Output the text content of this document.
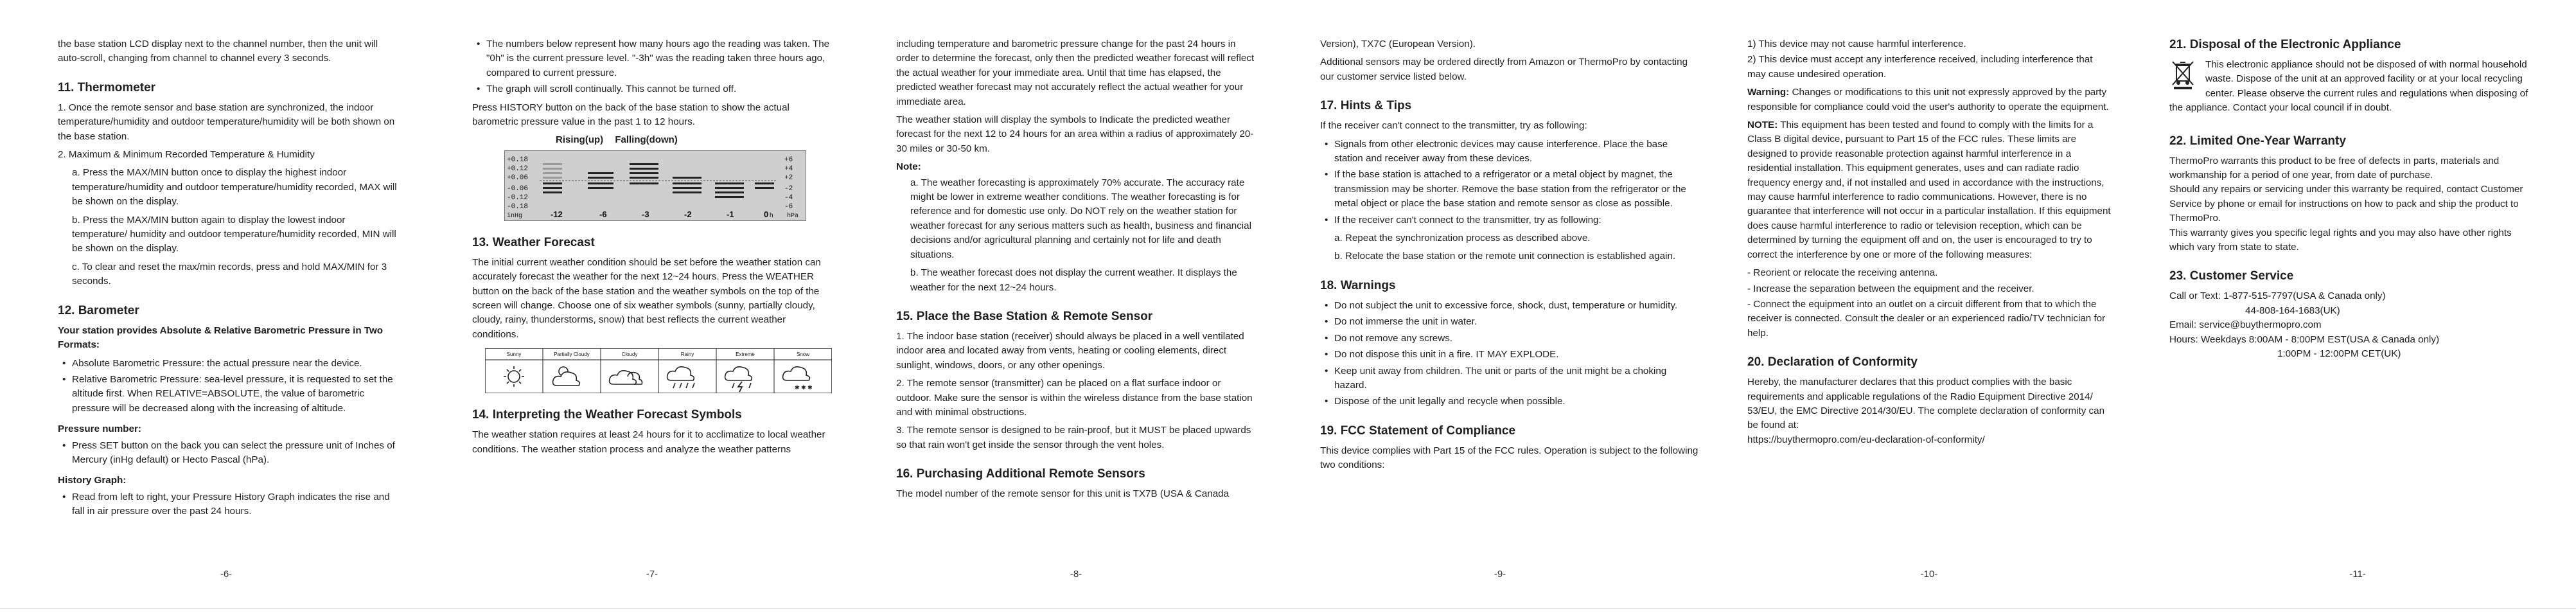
the base station LCD display next to the channel number, then the unit will auto-scroll, changing from channel to channel every 3 seconds.

11. Thermometer

1. Once the remote sensor and base station are synchronized, the indoor temperature/humidity and outdoor temperature/humidity will be both shown on the base station.

2. Maximum & Minimum Recorded Temperature & Humidity

a. Press the MAX/MIN button once to display the highest indoor temperature/humidity and outdoor temperature/humidity recorded, MAX will be shown on the display.

b. Press the MAX/MIN button again to display the lowest indoor temperature/ humidity and outdoor temperature/humidity recorded, MIN will be shown on the display.

c. To clear and reset the max/min records, press and hold MAX/MIN for 3 seconds.

12. Barometer

Your station provides Absolute & Relative Barometric Pressure in Two Formats:

• Absolute Barometric Pressure: the actual pressure near the device.
• Relative Barometric Pressure: sea-level pressure, it is requested to set the altitude first. When RELATIVE=ABSOLUTE, the value of barometric pressure will be decreased along with the increasing of altitude.

Pressure number:

• Press SET button on the back you can select the pressure unit of Inches of Mercury (inHg default) or Hecto Pascal (hPa).

History Graph:

• Read from left to right, your Pressure History Graph indicates the rise and fall in air pressure over the past 24 hours.
-6-
• The numbers below represent how many hours ago the reading was taken. The "0h" is the current pressure level. "-3h" was the reading taken three hours ago, compared to current pressure.
• The graph will scroll continually. This cannot be turned off.

Press HISTORY button on the back of the base station to show the actual barometric pressure value in the past 1 to 12 hours.

Rising(up) Falling(down)
+0.18
+0.12
+0.06
-0.06
-0.12
-0.18
+6
+4
+2
-2
-4
-6
inHg	hPa
-12	-6	-3	-2	-1	0 h
13. Weather Forecast

The initial current weather condition should be set before the weather station can accurately forecast the weather for the next 12~24 hours. Press the WEATHER button on the back of the base station and the weather symbols on the top of the screen will change. Choose one of six weather symbols (sunny, partially cloudy, cloudy, rainy, thunderstorms, snow) that best reflects the current weather conditions.

Sunny	Partially Cloudy	Cloudy	Rainy	Extreme	Snow
✱ ✱ ✱
14. Interpreting the Weather Forecast Symbols

The weather station requires at least 24 hours for it to acclimatize to local weather conditions. The weather station process and analyze the weather patterns

-7-

including temperature and barometric pressure change for the past 24 hours in order to determine the forecast, only then the predicted weather forecast will reflect the actual weather for your immediate area. Until that time has elapsed, the predicted weather forecast may not accurately reflect the actual weather for your immediate area.

The weather station will display the symbols to Indicate the predicted weather forecast for the next 12 to 24 hours for an area within a radius of approximately 20-30 miles or 30-50 km.

Note:

a. The weather forecasting is approximately 70% accurate. The accuracy rate might be lower in extreme weather conditions. The weather forecasting is for reference and for domestic use only. Do NOT rely on the weather station for weather forecast for any serious matters such as health, business and financial decisions and/or agricultural planning and certainly not for life and death situations.

b. The weather forecast does not display the current weather. It displays the weather for the next 12~24 hours.

15. Place the Base Station & Remote Sensor

1. The indoor base station (receiver) should always be placed in a well ventilated indoor area and located away from vents, heating or cooling elements, direct sunlight, windows, doors, or any other openings.

2. The remote sensor (transmitter) can be placed on a flat surface indoor or outdoor. Make sure the sensor is within the wireless distance from the base station and with minimal obstructions.

3. The remote sensor is designed to be rain-proof, but it MUST be placed upwards so that rain won't get inside the sensor through the vent holes.

16. Purchasing Additional Remote Sensors

The model number of the remote sensor for this unit is TX7B (USA & Canada

-8-

Version), TX7C (European Version).

Additional sensors may be ordered directly from Amazon or ThermoPro by contacting our customer service listed below.

17. Hints & Tips

If the receiver can't connect to the transmitter, try as following:

• Signals from other electronic devices may cause interference. Place the base station and receiver away from these devices.
• If the base station is attached to a refrigerator or a metal object by magnet, the transmission may be shorter. Remove the base station from the refrigerator or the metal object or place the base station and remote sensor as close as possible.
• If the receiver can't connect to the transmitter, try as following:

a. Repeat the synchronization process as described above.

b. Relocate the base station or the remote unit connection is established again.

18. Warnings
• Do not subject the unit to excessive force, shock, dust, temperature or humidity.
• Do not immerse the unit in water.
• Do not remove any screws.
• Do not dispose this unit in a fire. IT MAY EXPLODE.
• Keep unit away from children. The unit or parts of the unit might be a choking hazard.
• Dispose of the unit legally and recycle when possible.
19. FCC Statement of Compliance

This device complies with Part 15 of the FCC rules. Operation is subject to the following two conditions:

-9-

1) This device may not cause harmful interference.

2) This device must accept any interference received, including interference that may cause undesired operation.

Warning: Changes or modifications to this unit not expressly approved by the party responsible for compliance could void the user's authority to operate the equipment.

NOTE: This equipment has been tested and found to comply with the limits for a Class B digital device, pursuant to Part 15 of the FCC rules. These limits are designed to provide reasonable protection against harmful interference in a residential installation. This equipment generates, uses and can radiate radio frequency energy and, if not installed and used in accordance with the instructions, may cause harmful interference to radio communications. However, there is no guarantee that interference will not occur in a particular installation. If this equipment does cause harmful interference to radio or television reception, which can be determined by turning the equipment off and on, the user is encouraged to try to correct the interference by one or more of the following measures:

- Reorient or relocate the receiving antenna.

- Increase the separation between the equipment and the receiver.

- Connect the equipment into an outlet on a circuit different from that to which the receiver is connected. Consult the dealer or an experienced radio/TV technician for help.

20. Declaration of Conformity

Hereby, the manufacturer declares that this product complies with the basic requirements and applicable regulations of the Radio Equipment Directive 2014/ 53/EU, the EMC Directive 2014/30/EU. The complete declaration of conformity can be found at:

https://buythermopro.com/eu-declaration-of-conformity/

-10-
21. Disposal of the Electronic Appliance

This electronic appliance should not be disposed of with normal household waste. Dispose of the unit at an approved facility or at your local recycling center. Please observe the current rules and regulations when disposing of the appliance. Contact your local council if in doubt.

22. Limited One-Year Warranty

ThermoPro warrants this product to be free of defects in parts, materials and workmanship for a period of one year, from date of purchase.

Should any repairs or servicing under this warranty be required, contact Customer Service by phone or email for instructions on how to pack and ship the product to ThermoPro.

This warranty gives you specific legal rights and you may also have other rights which vary from state to state.

23. Customer Service

Call or Text: 1-877-515-7797(USA & Canada only)

44-808-164-1683(UK)

Email: service@buythermopro.com

Hours: Weekdays 8:00AM - 8:00PM EST(USA & Canada only)

1:00PM - 12:00PM CET(UK)

-11-
